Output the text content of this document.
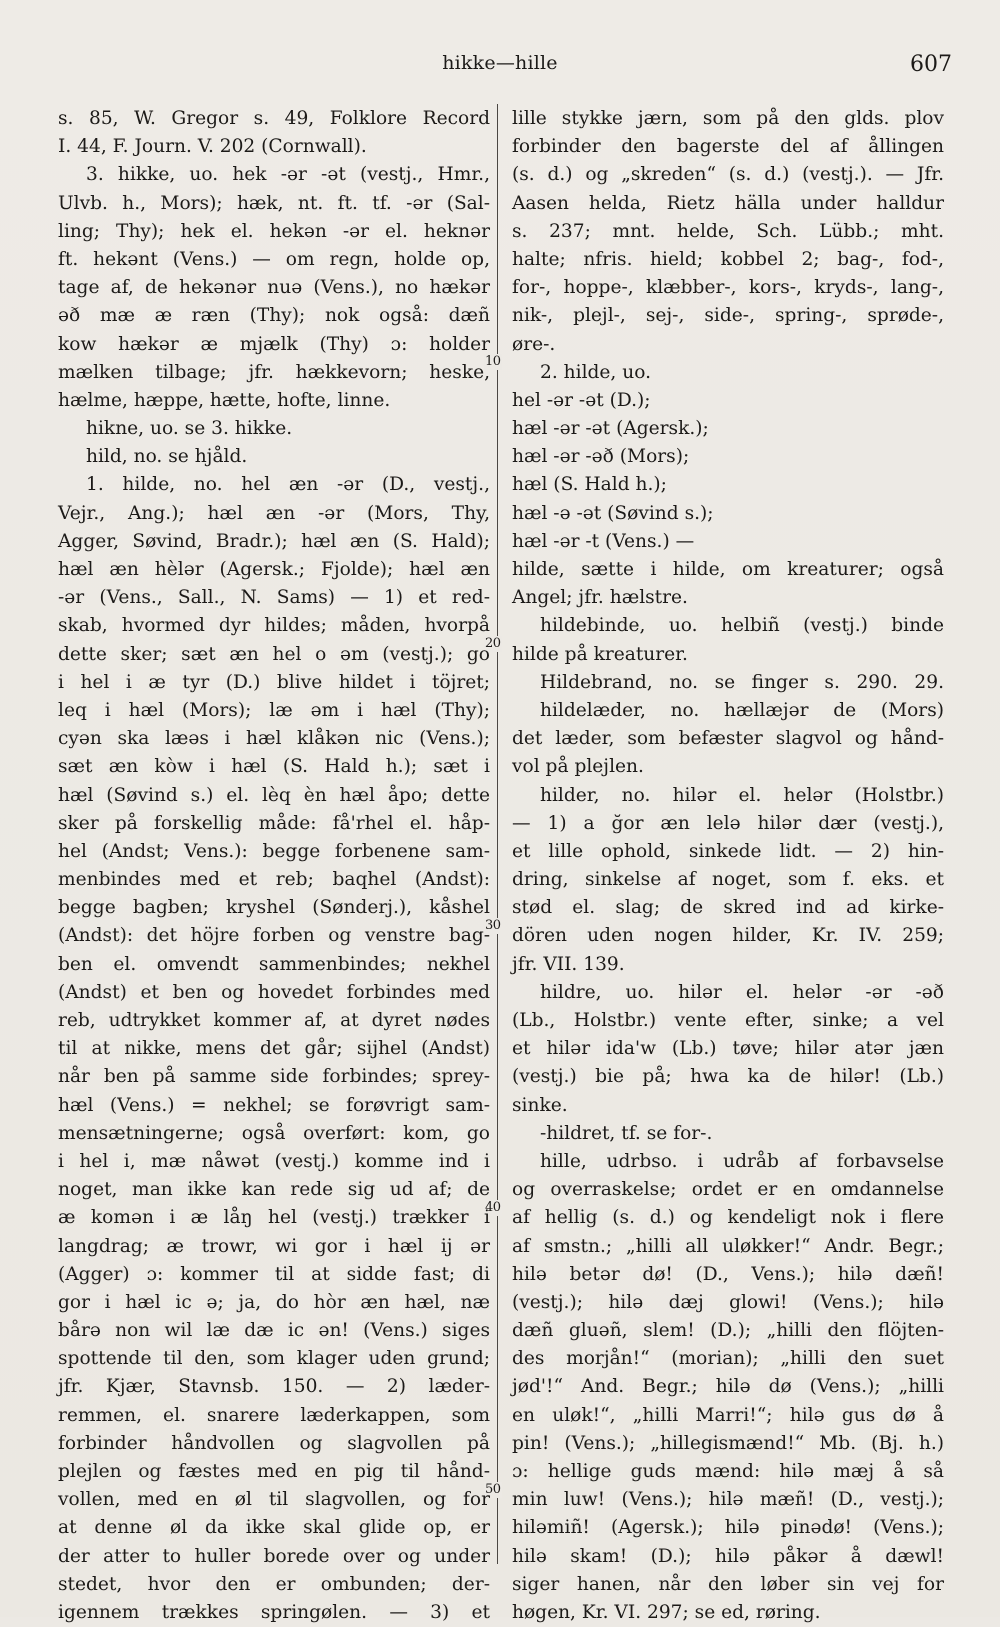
hikke—hille	607
10
20
30
40
50
s. 85, W. Gregor s. 49, Folklore Record
I. 44, F. Journ. V. 202 (Cornwall).
3. hikke, uo. hek -ər -ət (vestj., Hmr.,
Ulvb. h., Mors); hæk, nt. ft. tf. -ər (Sal-
ling; Thy); hek el. hekən -ər el. heknər
ft. hekənt (Vens.) — om regn, holde op,
tage af, de hekənər nuə (Vens.), no hækər
əð mæ æ ræn (Thy); nok også: dæñ
kow hækər æ mjælk (Thy) ɔ: holder
mælken tilbage; jfr. hækkevorn; heske,
hælme, hæppe, hætte, hofte, linne.
hikne, uo. se 3. hikke.
hild, no. se hjåld.
1. hilde, no. hel æn -ər (D., vestj.,
Vejr., Ang.); hæl æn -ər (Mors, Thy,
Agger, Søvind, Bradr.); hæl æn (S. Hald);
hæl æn hèlər (Agersk.; Fjolde); hæl æn
-ər (Vens., Sall., N. Sams) — 1) et red-
skab, hvormed dyr hildes; måden, hvorpå
dette sker; sæt æn hel o əm (vestj.); go
i hel i æ tyr (D.) blive hildet i töjret;
leq i hæl (Mors); læ əm i hæl (Thy);
cyən ska læəs i hæl klåkən nic (Vens.);
sæt æn kòw i hæl (S. Hald h.); sæt i
hæl (Søvind s.) el. lèq èn hæl åpo; dette
sker på forskellig måde: få'rhel el. håp-
hel (Andst; Vens.): begge forbenene sam-
menbindes med et reb; baqhel (Andst):
begge bagben; kryshel (Sønderj.), kåshel
(Andst): det höjre forben og venstre bag-
ben el. omvendt sammenbindes; nekhel
(Andst) et ben og hovedet forbindes med
reb, udtrykket kommer af, at dyret nødes
til at nikke, mens det går; sijhel (Andst)
når ben på samme side forbindes; sprey-
hæl (Vens.) = nekhel; se forøvrigt sam-
mensætningerne; også overført: kom, go
i hel i, mæ nåwət (vestj.) komme ind i
noget, man ikke kan rede sig ud af; de
æ komən i æ låŋ hel (vestj.) trækker i
langdrag; æ trowr, wi gor i hæl ij ər
(Agger) ɔ: kommer til at sidde fast; di
gor i hæl ic ə; ja, do hòr æn hæl, næ
bårə non wil læ dæ ic ən! (Vens.) siges
spottende til den, som klager uden grund;
jfr. Kjær, Stavnsb. 150. — 2) læder-
remmen, el. snarere læderkappen, som
forbinder håndvollen og slagvollen på
plejlen og fæstes med en pig til hånd-
vollen, med en øl til slagvollen, og for
at denne øl da ikke skal glide op, er
der atter to huller borede over og under
stedet, hvor den er ombunden; der-
igennem trækkes springølen. — 3) et
lille stykke jærn, som på den glds. plov
forbinder den bagerste del af ållingen
(s. d.) og „skreden“ (s. d.) (vestj.). — Jfr.
Aasen helda, Rietz hälla under halldur
s. 237; mnt. helde, Sch. Lübb.; mht.
halte; nfris. hield; kobbel 2; bag-, fod-,
for-, hoppe-, klæbber-, kors-, kryds-, lang-,
nik-, plejl-, sej-, side-, spring-, sprøde-,
øre-.
2. hilde, uo.
hel -ər -ət (D.);
hæl -ər -ət (Agersk.);
hæl -ər -əð (Mors);
hæl (S. Hald h.);
hæl -ə -ət (Søvind s.);
hæl -ər -t (Vens.) —
hilde, sætte i hilde, om kreaturer; også
Angel; jfr. hælstre.
hildebinde, uo. helbiñ (vestj.) binde
hilde på kreaturer.
Hildebrand, no. se finger s. 290. 29.
hildelæder, no. hællæjər de (Mors)
det læder, som befæster slagvol og hånd-
vol på plejlen.
hilder, no. hilər el. helər (Holstbr.)
— 1) a ğor æn lelə hilər dær (vestj.),
et lille ophold, sinkede lidt. — 2) hin-
dring, sinkelse af noget, som f. eks. et
stød el. slag; de skred ind ad kirke-
dören uden nogen hilder, Kr. IV. 259;
jfr. VII. 139.
hildre, uo. hilər el. helər -ər -əð
(Lb., Holstbr.) vente efter, sinke; a vel
et hilər ida'w (Lb.) tøve; hilər atər jæn
(vestj.) bie på; hwa ka de hilər! (Lb.)
sinke.
-hildret, tf. se for-.
hille, udrbso. i udråb af forbavselse
og overraskelse; ordet er en omdannelse
af hellig (s. d.) og kendeligt nok i flere
af smstn.; „hilli all uløkker!“ Andr. Begr.;
hilə betər dø! (D., Vens.); hilə dæñ!
(vestj.); hilə dæj glowi! (Vens.); hilə
dæñ gluəñ, slem! (D.); „hilli den flöjten-
des morjån!“ (morian); „hilli den suet
jød'!“ And. Begr.; hilə dø (Vens.); „hilli
en uløk!“, „hilli Marri!“; hilə gus dø å
pin! (Vens.); „hillegismænd!“ Mb. (Bj. h.)
ɔ: hellige guds mænd: hilə mæj å så
min luw! (Vens.); hilə mæñ! (D., vestj.);
hiləmiñ! (Agersk.); hilə pinədø! (Vens.);
hilə skam! (D.); hilə påkər å dæwl!
siger hanen, når den løber sin vej for
høgen, Kr. VI. 297; se ed, røring.
